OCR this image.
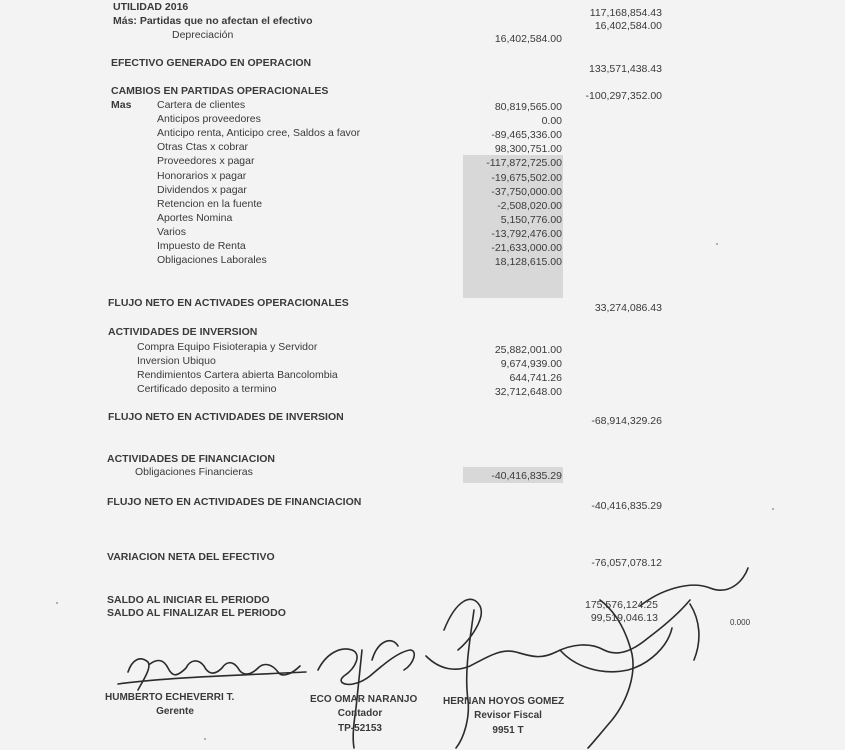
UTILIDAD 2016	117,168,854.43
Más: Partidas que no afectan el efectivo	16,402,584.00
Depreciación	16,402,584.00
EFECTIVO GENERADO EN OPERACION	133,571,438.43
CAMBIOS EN PARTIDAS OPERACIONALES	-100,297,352.00
Mas Cartera de clientes	80,819,565.00
Anticipos proveedores	0.00
Anticipo renta, Anticipo cree, Saldos a favor	-89,465,336.00
Otras Ctas x cobrar	98,300,751.00
Proveedores x pagar	-117,872,725.00
Honorarios x pagar	-19,675,502.00
Dividendos x pagar	-37,750,000.00
Retencion en la fuente	-2,508,020.00
Aportes Nomina	5,150,776.00
Varios	-13,792,476.00
Impuesto de Renta	-21,633,000.00
Obligaciones Laborales	18,128,615.00
FLUJO NETO EN ACTIVADES OPERACIONALES	33,274,086.43
ACTIVIDADES DE INVERSION
Compra Equipo Fisioterapia y Servidor	25,882,001.00
Inversion Ubiquo	9,674,939.00
Rendimientos Cartera abierta Bancolombia	644,741.26
Certificado deposito a termino	32,712,648.00
FLUJO NETO EN ACTIVIDADES DE INVERSION	-68,914,329.26
ACTIVIDADES DE FINANCIACION
Obligaciones Financieras	-40,416,835.29
FLUJO NETO EN ACTIVIDADES DE FINANCIACION	-40,416,835.29
VARIACION NETA DEL EFECTIVO	-76,057,078.12
SALDO AL INICIAR EL PERIODO	175,576,124.25
SALDO AL FINALIZAR EL PERIODO	99,519,046.13	0.000
HUMBERTO ECHEVERRI T.
Gerente
ECO OMAR NARANJO
Contador
TP-52153
HERNAN HOYOS GOMEZ
Revisor Fiscal
9951 T
